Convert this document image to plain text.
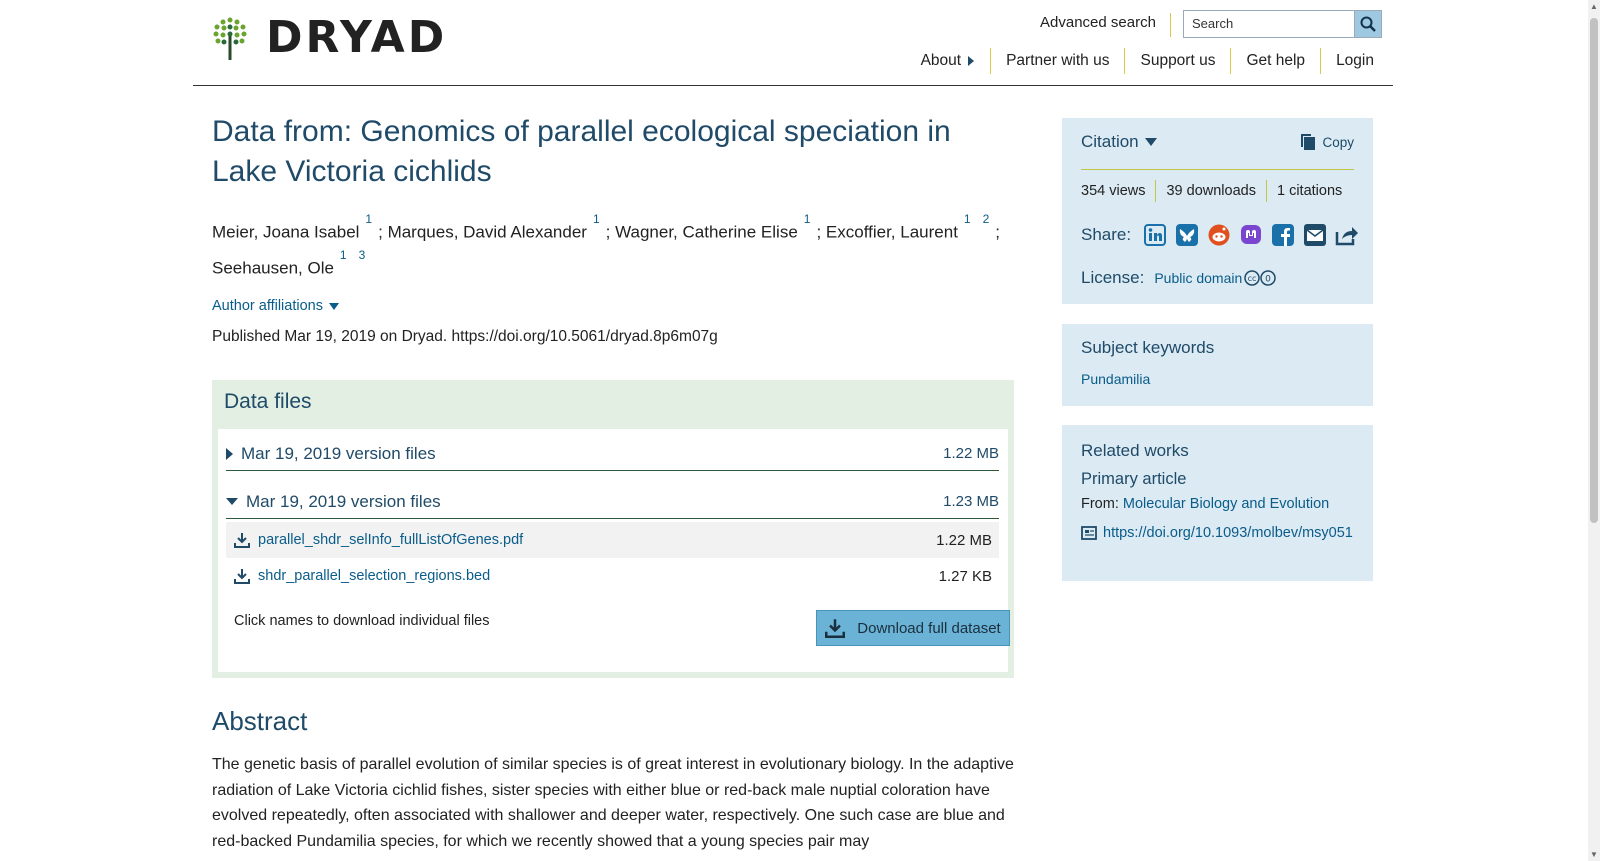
DRYAD	Advanced search	Search
About	Partner with us	Support us	Get help	Login
Data from: Genomics of parallel ecological speciation in Lake Victoria cichlids
Meier, Joana Isabel$^{^1}$; Marques, David Alexander$^{^1}$; Wagner, Catherine Elise$^{^1}$; Excoffier, Laurent$^{^1 ^2}$;
Seehausen, Ole$^{^1 ^3}$
Author affiliations
Published Mar 19, 2019 on Dryad. https://doi.org/10.5061/dryad.8p6m07g
Data files
Mar 19, 2019 version files	1.22 MB
Mar 19, 2019 version files	1.23 MB
parallel_shdr_selInfo_fullListOfGenes.pdf	1.22 MB
shdr_parallel_selection_regions.bed	1.27 KB
Click names to download individual files	Download full dataset
Abstract

The genetic basis of parallel evolution of similar species is of great interest in evolutionary biology. In the adaptive radiation of Lake Victoria cichlid fishes, sister species with either blue or red-back male nuptial coloration have evolved repeatedly, often associated with shallower and deeper water, respectively. One such case are blue and red-backed Pundamilia species, for which we recently showed that a young species pair may

Citation	Copy
354 views	39 downloads	1 citations
Share:
License: Public domain cc 0
Subject keywords
Pundamilia
Related works
Primary article
From: Molecular Biology and Evolution
https://doi.org/10.1093/molbev/msy051
▲
▼
